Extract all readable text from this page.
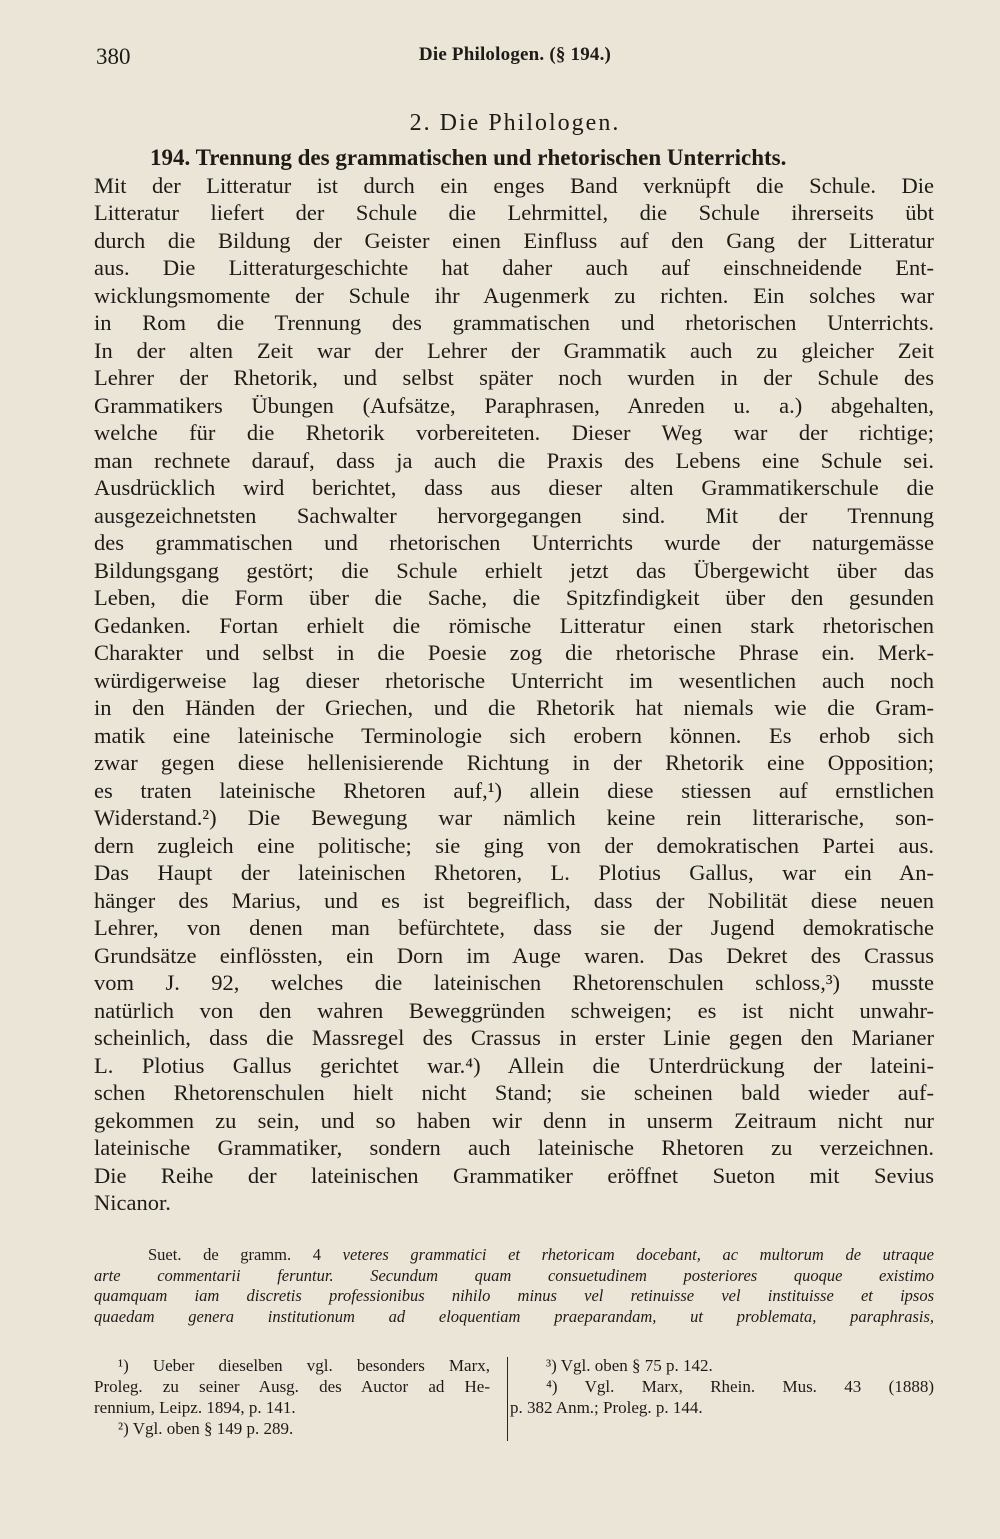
380	Die Philologen. (§ 194.)
2. Die Philologen.
194. Trennung des grammatischen und rhetorischen Unterrichts.
Mit der Litteratur ist durch ein enges Band verknüpft die Schule. Die
Litteratur liefert der Schule die Lehrmittel, die Schule ihrerseits übt
durch die Bildung der Geister einen Einfluss auf den Gang der Litteratur
aus. Die Litteraturgeschichte hat daher auch auf einschneidende Ent-
wicklungsmomente der Schule ihr Augenmerk zu richten. Ein solches war
in Rom die Trennung des grammatischen und rhetorischen Unterrichts.
In der alten Zeit war der Lehrer der Grammatik auch zu gleicher Zeit
Lehrer der Rhetorik, und selbst später noch wurden in der Schule des
Grammatikers Übungen (Aufsätze, Paraphrasen, Anreden u. a.) abgehalten,
welche für die Rhetorik vorbereiteten. Dieser Weg war der richtige;
man rechnete darauf, dass ja auch die Praxis des Lebens eine Schule sei.
Ausdrücklich wird berichtet, dass aus dieser alten Grammatikerschule die
ausgezeichnetsten Sachwalter hervorgegangen sind. Mit der Trennung
des grammatischen und rhetorischen Unterrichts wurde der naturgemässe
Bildungsgang gestört; die Schule erhielt jetzt das Übergewicht über das
Leben, die Form über die Sache, die Spitzfindigkeit über den gesunden
Gedanken. Fortan erhielt die römische Litteratur einen stark rhetorischen
Charakter und selbst in die Poesie zog die rhetorische Phrase ein. Merk-
würdigerweise lag dieser rhetorische Unterricht im wesentlichen auch noch
in den Händen der Griechen, und die Rhetorik hat niemals wie die Gram-
matik eine lateinische Terminologie sich erobern können. Es erhob sich
zwar gegen diese hellenisierende Richtung in der Rhetorik eine Opposition;
es traten lateinische Rhetoren auf,¹) allein diese stiessen auf ernstlichen
Widerstand.²) Die Bewegung war nämlich keine rein litterarische, son-
dern zugleich eine politische; sie ging von der demokratischen Partei aus.
Das Haupt der lateinischen Rhetoren, L. Plotius Gallus, war ein An-
hänger des Marius, und es ist begreiflich, dass der Nobilität diese neuen
Lehrer, von denen man befürchtete, dass sie der Jugend demokratische
Grundsätze einflössten, ein Dorn im Auge waren. Das Dekret des Crassus
vom J. 92, welches die lateinischen Rhetorenschulen schloss,³) musste
natürlich von den wahren Beweggründen schweigen; es ist nicht unwahr-
scheinlich, dass die Massregel des Crassus in erster Linie gegen den Marianer
L. Plotius Gallus gerichtet war.⁴) Allein die Unterdrückung der lateini-
schen Rhetorenschulen hielt nicht Stand; sie scheinen bald wieder auf-
gekommen zu sein, und so haben wir denn in unserm Zeitraum nicht nur
lateinische Grammatiker, sondern auch lateinische Rhetoren zu verzeichnen.
Die Reihe der lateinischen Grammatiker eröffnet Sueton mit Sevius
Nicanor.
Suet. de gramm. 4 veteres grammatici et rhetoricam docebant, ac multorum de utraque
arte commentarii feruntur. Secundum quam consuetudinem posteriores quoque existimo
quamquam iam discretis professionibus nihilo minus vel retinuisse vel instituisse et ipsos
quaedam genera institutionum ad eloquentiam praeparandam, ut problemata, paraphrasis,
¹) Ueber dieselben vgl. besonders Marx,
Proleg. zu seiner Ausg. des Auctor ad He-
rennium, Leipz. 1894, p. 141.
²) Vgl. oben § 149 p. 289.
³) Vgl. oben § 75 p. 142.
⁴) Vgl. Marx, Rhein. Mus. 43 (1888)
p. 382 Anm.; Proleg. p. 144.
